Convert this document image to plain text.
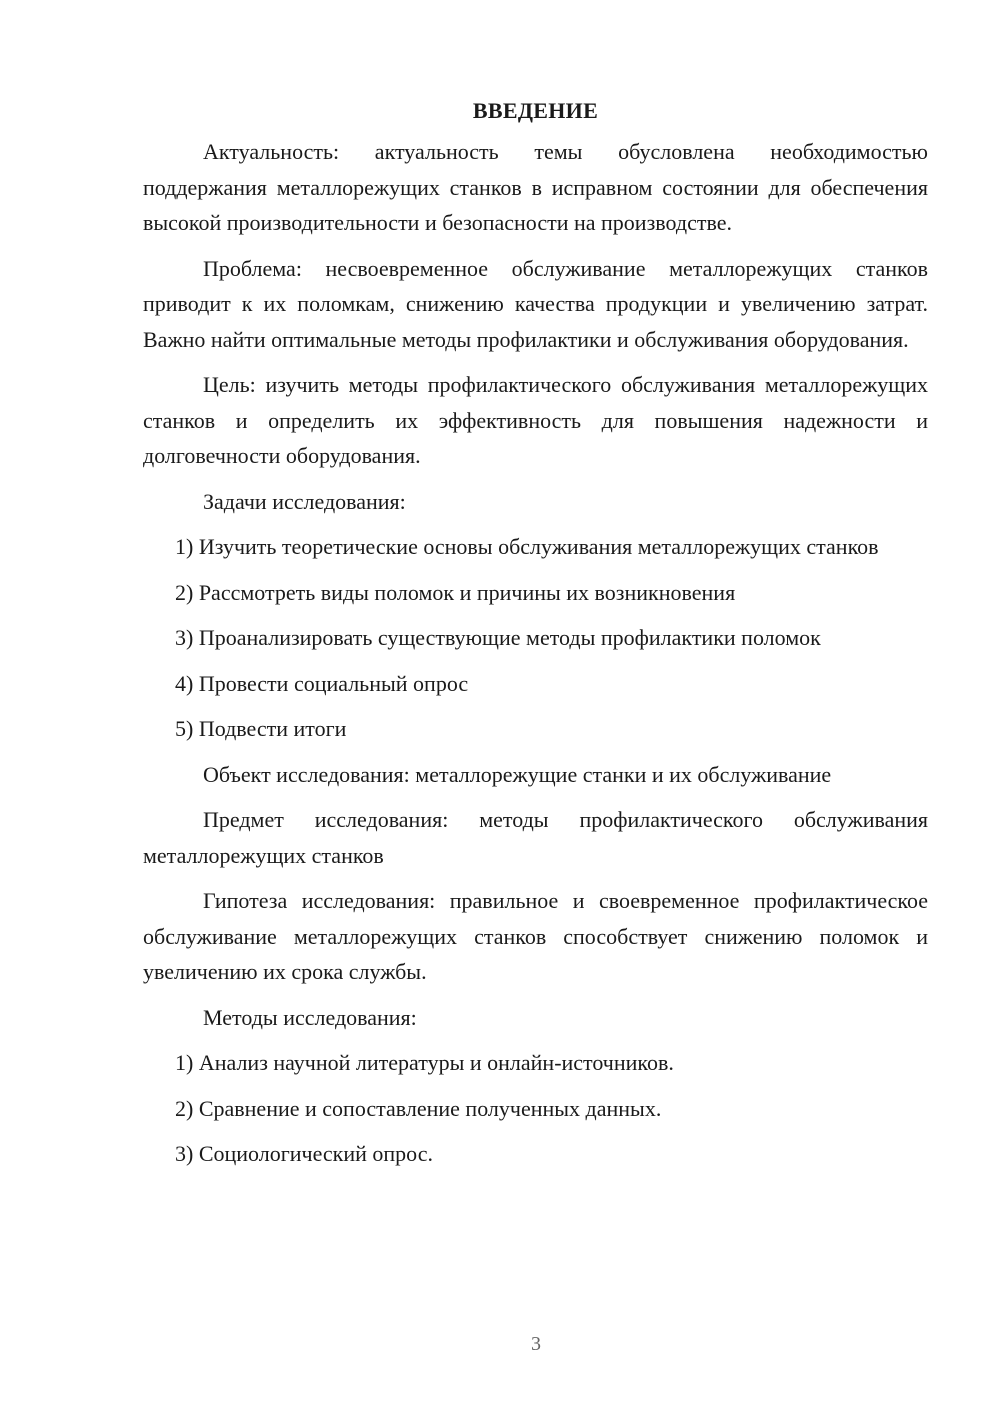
ВВЕДЕНИЕ

Актуальность: актуальность темы обусловлена необходимостью поддержания металлорежущих станков в исправном состоянии для обеспечения высокой производительности и безопасности на производстве.

Проблема: несвоевременное обслуживание металлорежущих станков приводит к их поломкам, снижению качества продукции и увеличению затрат. Важно найти оптимальные методы профилактики и обслуживания оборудования.

Цель: изучить методы профилактического обслуживания металлорежущих станков и определить их эффективность для повышения надежности и долговечности оборудования.

Задачи исследования:

1) Изучить теоретические основы обслуживания металлорежущих станков

2) Рассмотреть виды поломок и причины их возникновения

3) Проанализировать существующие методы профилактики поломок

4) Провести социальный опрос

5) Подвести итоги

Объект исследования: металлорежущие станки и их обслуживание

Предмет исследования: методы профилактического обслуживания металлорежущих станков

Гипотеза исследования: правильное и своевременное профилактическое обслуживание металлорежущих станков способствует снижению поломок и увеличению их срока службы.

Методы исследования:

1) Анализ научной литературы и онлайн-источников.

2) Сравнение и сопоставление полученных данных.

3) Социологический опрос.

3
